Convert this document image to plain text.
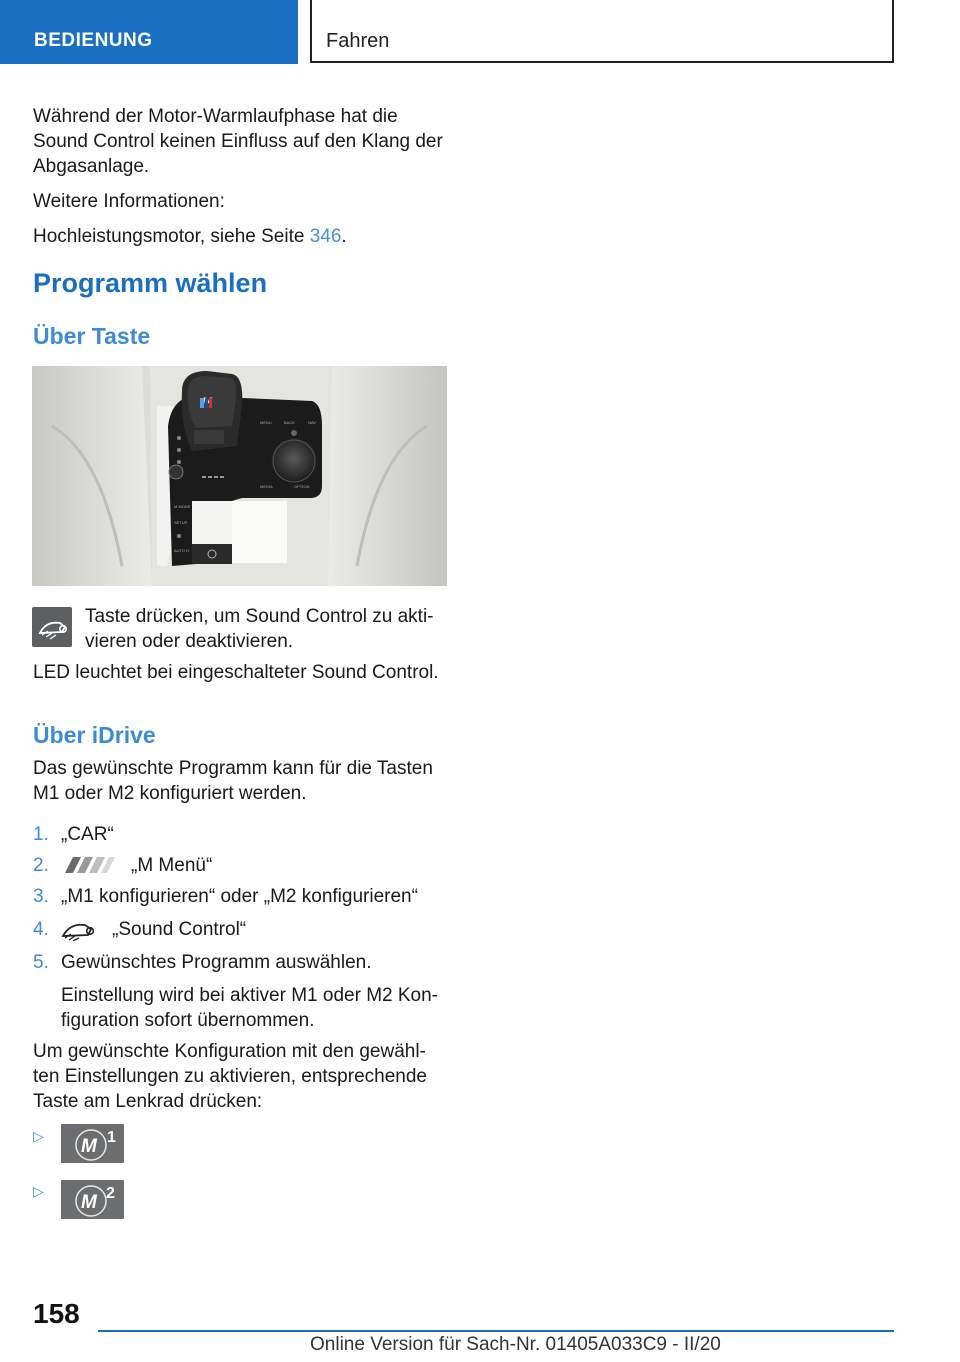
BEDIENUNG	Fahren

Während der Motor-Warmlaufphase hat die Sound Control keinen Einfluss auf den Klang der Abgasanlage.

Weitere Informationen:

Hochleistungsmotor, siehe Seite 346.

Programm wählen
Über Taste
MENU	BACK	NAV
MEDIA	OPTION
M MODE
SETUP
AUTO H

Taste drücken, um Sound Control zu akti-

vieren oder deaktivieren.

LED leuchtet bei eingeschalteter Sound Control.

Über iDrive

Das gewünschte Programm kann für die Tasten M1 oder M2 konfiguriert werden.

1. „CAR“
2.	„M Menü“
3. „M1 konfigurieren“ oder „M2 konfigurieren“
4.	„Sound Control“
5. Gewünschtes Programm auswählen.

Einstellung wird bei aktiver M1 oder M2 Kon-

figuration sofort übernommen.

Um gewünschte Konfiguration mit den gewähl-

ten Einstellungen zu aktivieren, entsprechende

Taste am Lenkrad drücken:

▷ M 1
▷
M 2
158
Online Version für Sach-Nr. 01405A033C9 - II/20
